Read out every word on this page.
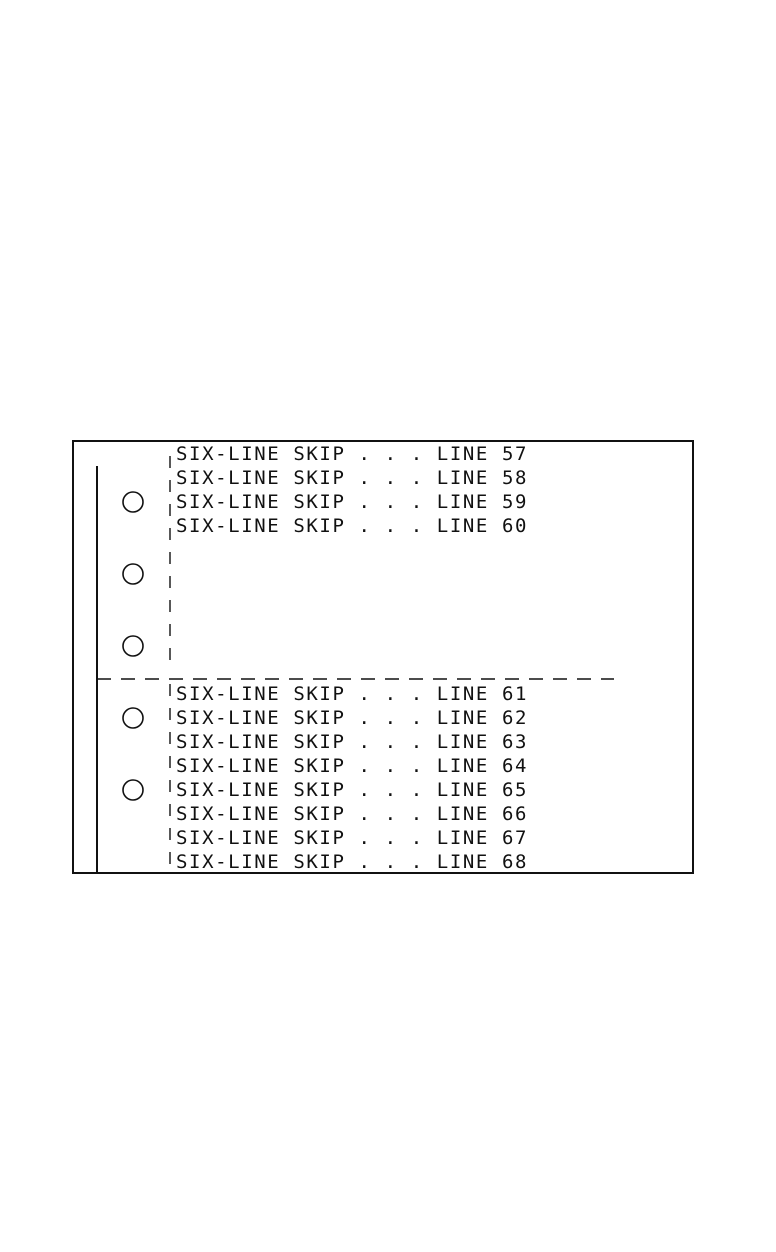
SIX-LINE SKIP . . . LINE 57
SIX-LINE SKIP . . . LINE 58
SIX-LINE SKIP . . . LINE 59
SIX-LINE SKIP . . . LINE 60
SIX-LINE SKIP . . . LINE 61
SIX-LINE SKIP . . . LINE 62
SIX-LINE SKIP . . . LINE 63
SIX-LINE SKIP . . . LINE 64
SIX-LINE SKIP . . . LINE 65
SIX-LINE SKIP . . . LINE 66
SIX-LINE SKIP . . . LINE 67
SIX-LINE SKIP . . . LINE 68
